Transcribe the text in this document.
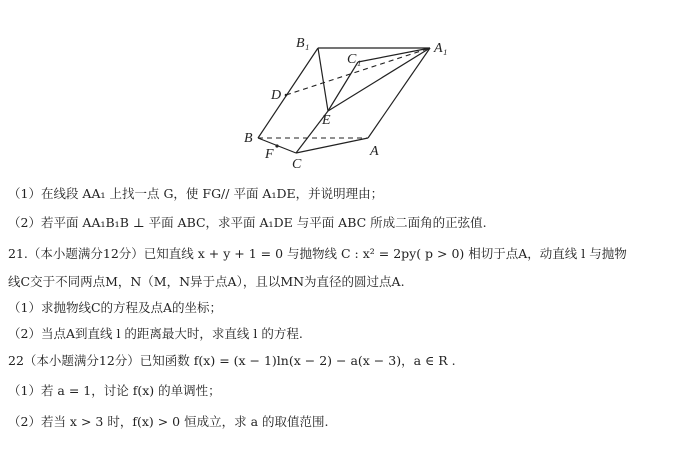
B₁
C₁
A₁
D
E
B
F
C
A
（1）在线段 AA₁ 上找一点 G，使 FG// 平面 A₁DE，并说明理由；
（2）若平面 AA₁B₁B ⊥ 平面 ABC，求平面 A₁DE 与平面 ABC 所成二面角的正弦值.
21.（本小题满分12分）已知直线 x + y + 1 = 0 与抛物线 C : x² = 2py( p > 0) 相切于点A，动直线 l 与抛物
线C交于不同两点M，N（M，N异于点A），且以MN为直径的圆过点A.
（1）求抛物线C的方程及点A的坐标；
（2）当点A到直线 l 的距离最大时，求直线 l 的方程.
22（本小题满分12分）已知函数 f(x) = (x − 1)ln(x − 2) − a(x − 3)，a ∈ R .
（1）若 a = 1，讨论 f(x) 的单调性；
（2）若当 x > 3 时，f(x) > 0 恒成立，求 a 的取值范围.
